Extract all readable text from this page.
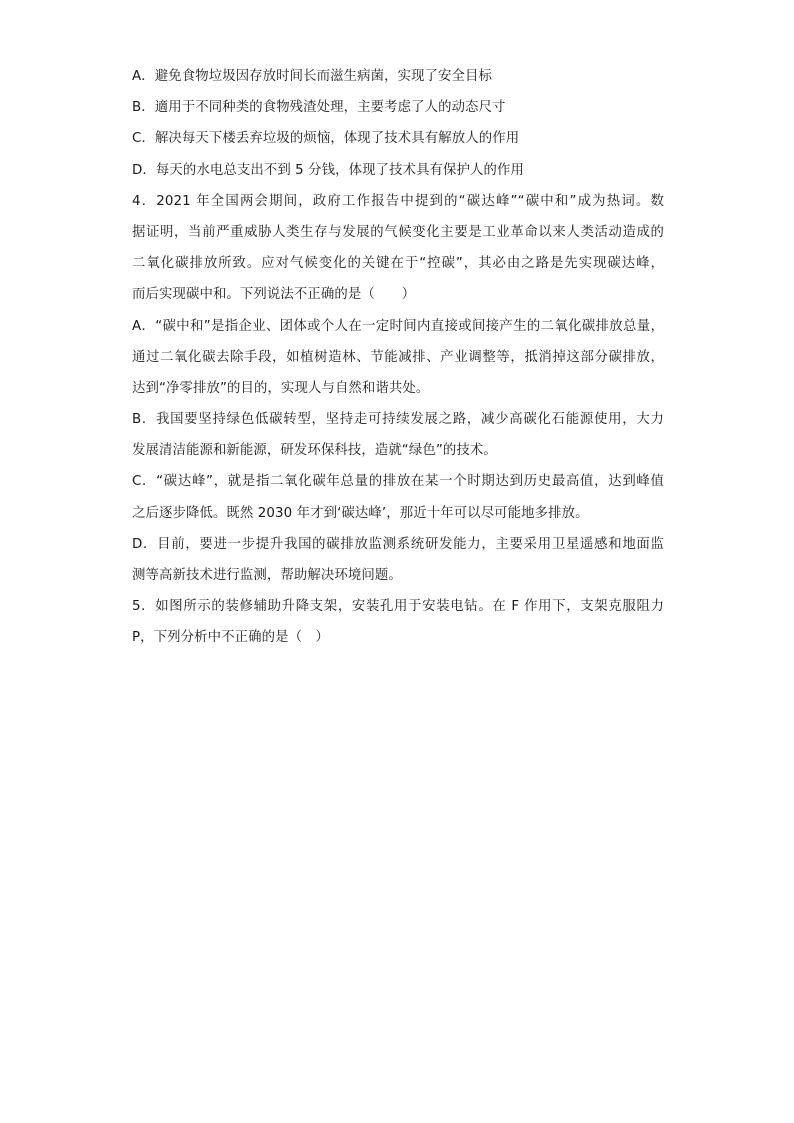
A．避免食物垃圾因存放时间长而滋生病菌，实现了安全目标
B．適用于不同种类的食物残渣处理，主要考虑了人的动态尺寸
C．解决每天下楼丢弃垃圾的烦恼，体现了技术具有解放人的作用
D．每天的水电总支出不到 5 分钱，体现了技术具有保护人的作用
4．2021 年全国两会期间，政府工作报告中提到的“碳达峰”“碳中和”成为热词。数
据证明，当前严重威胁人类生存与发展的气候变化主要是工业革命以来人类活动造成的
二氧化碳排放所致。应对气候变化的关键在于“控碳”，其必由之路是先实现碳达峰，
而后实现碳中和。下列说法不正确的是（　　）
A．“碳中和”是指企业、团体或个人在一定时间内直接或间接产生的二氧化碳排放总量，
通过二氧化碳去除手段，如植树造林、节能减排、产业调整等，抵消掉这部分碳排放，
达到“净零排放”的目的，实现人与自然和谐共处。
B．我国要坚持绿色低碳转型，坚持走可持续发展之路，减少高碳化石能源使用，大力
发展清洁能源和新能源，研发环保科技，造就“绿色”的技术。
C．“碳达峰”，就是指二氧化碳年总量的排放在某一个时期达到历史最高值，达到峰值
之后逐步降低。既然 2030 年才到‘碳达峰’，那近十年可以尽可能地多排放。
D．目前，要进一步提升我国的碳排放监测系统研发能力，主要采用卫星遥感和地面监
测等高新技术进行监测，帮助解决环境问题。
5．如图所示的装修辅助升降支架，安装孔用于安装电钻。在 F 作用下，支架克服阻力
P，下列分析中不正确的是（　）
